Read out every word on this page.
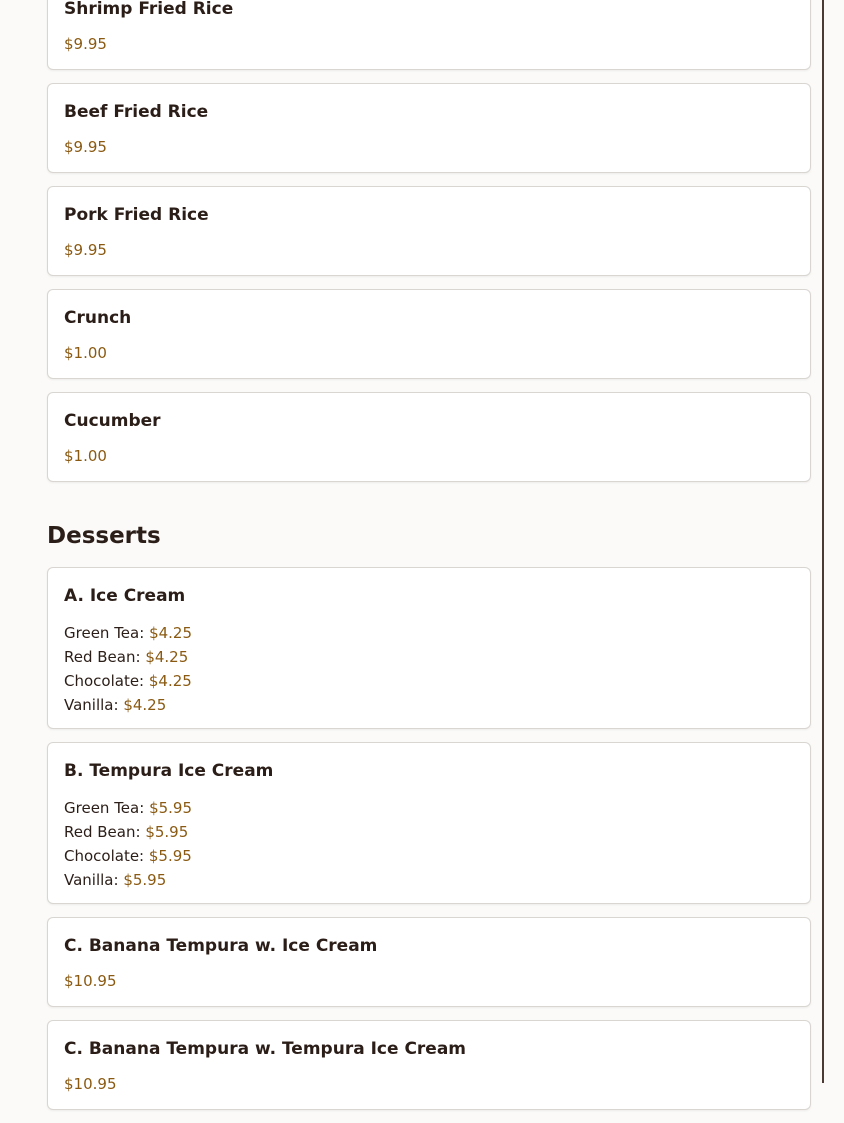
Shrimp Fried Rice
$9.95
Beef Fried Rice
$9.95
Pork Fried Rice
$9.95
Crunch
$1.00
Cucumber
$1.00
Desserts
A. Ice Cream
Green Tea: $4.25
Red Bean: $4.25
Chocolate: $4.25
Vanilla: $4.25
B. Tempura Ice Cream
Green Tea: $5.95
Red Bean: $5.95
Chocolate: $5.95
Vanilla: $5.95
C. Banana Tempura w. Ice Cream
$10.95
C. Banana Tempura w. Tempura Ice Cream
$10.95
